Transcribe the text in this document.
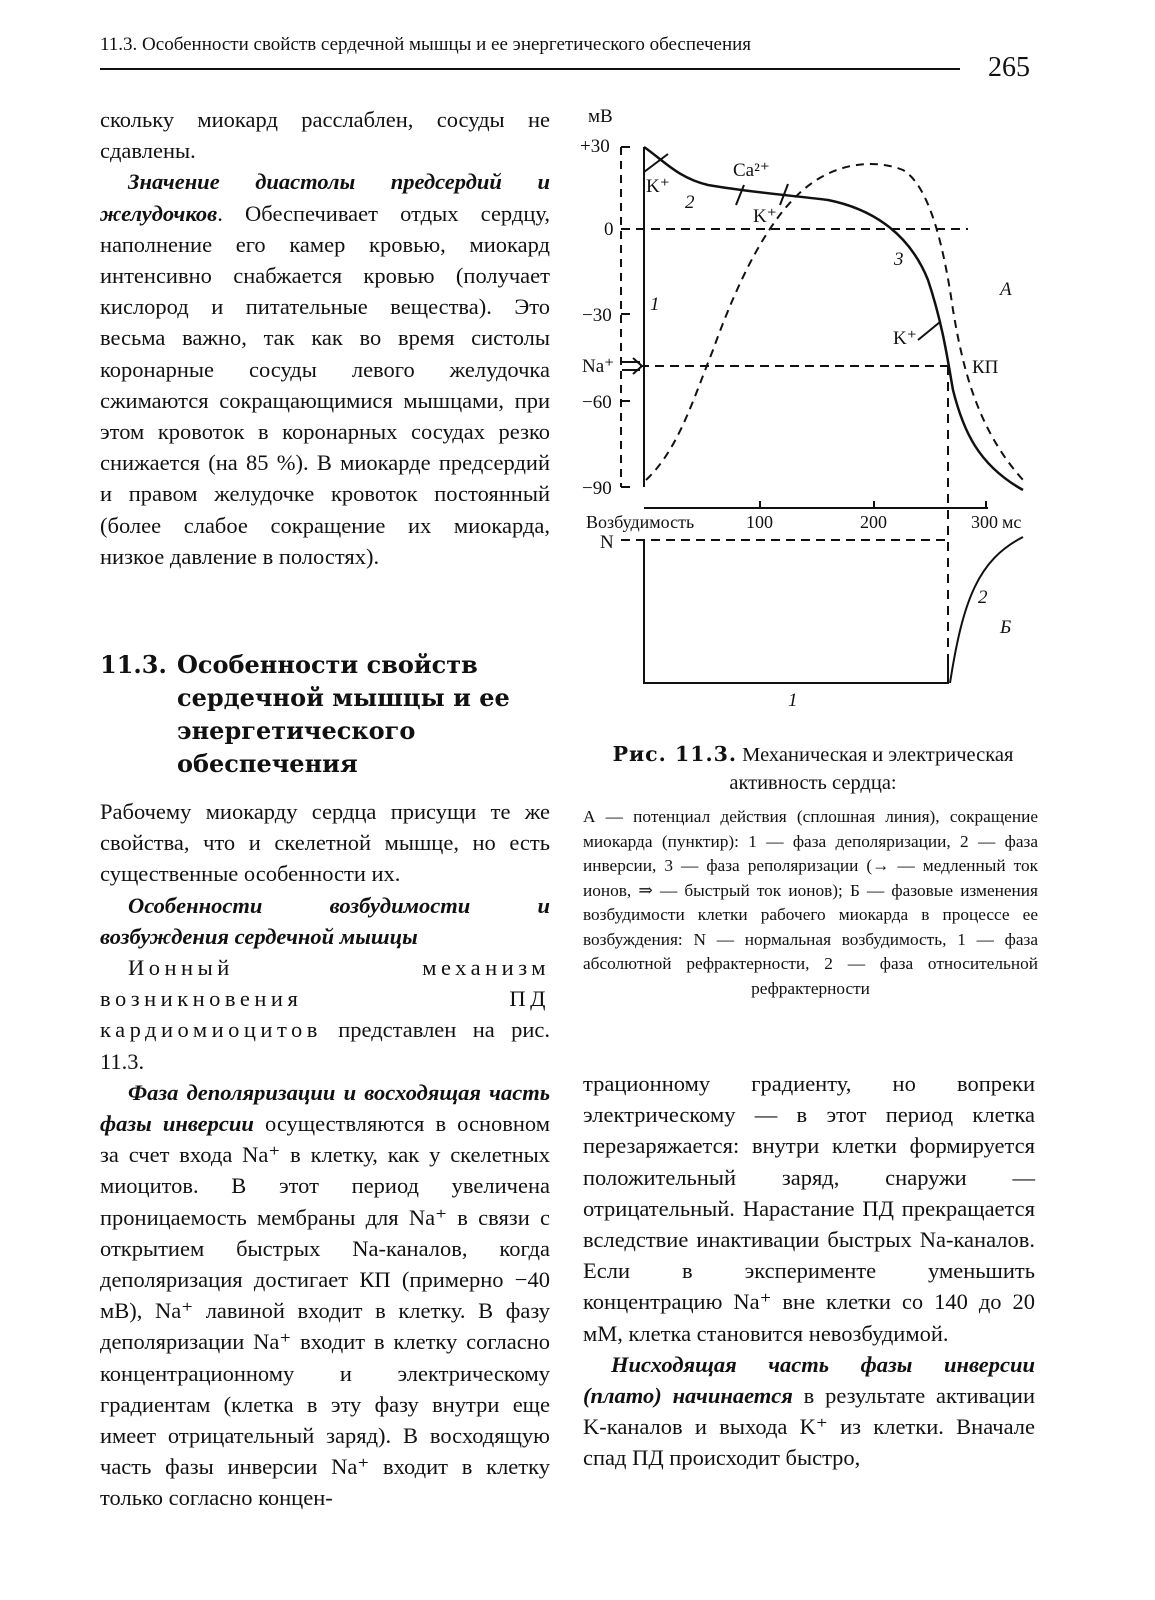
11.3. Особенности свойств сердечной мышцы и ее энергетического обеспечения
265

скольку миокард расслаблен, сосуды не сдавлены.

Значение диастолы предсердий и желудочков. Обеспечивает отдых сердцу, наполнение его камер кровью, миокард интенсивно снабжается кровью (получает кислород и питательные вещества). Это весьма важно, так как во время систолы коронарные сосуды левого желудочка сжимаются сокращающимися мышцами, при этом кровоток в коронарных сосудах резко снижается (на 85 %). В миокарде предсердий и правом желудочке кровоток постоянный (более слабое сокращение их миокарда, низкое давление в полостях).

11.3. Особенности свойств сердечной мышцы и ее энергетического обеспечения

Рабочему миокарду сердца присущи те же свойства, что и скелетной мышце, но есть существенные особенности их.

Особенности возбудимости и возбуждения сердечной мышцы

Ионный механизм возникновения ПД кардиомиоцитов представлен на рис. 11.3.

Фаза деполяризации и восходящая часть фазы инверсии осуществляются в основном за счет входа Na⁺ в клетку, как у скелетных миоцитов. В этот период увеличена проницаемость мембраны для Na⁺ в связи с открытием быстрых Na-каналов, когда деполяризация достигает КП (примерно −40 мВ), Na⁺ лавиной входит в клетку. В фазу деполяризации Na⁺ входит в клетку согласно концентрационному и электрическому градиентам (клетка в эту фазу внутри еще имеет отрицательный заряд). В восходящую часть фазы инверсии Na⁺ входит в клетку только согласно концен-

трационному градиенту, но вопреки электрическому — в этот период клетка перезаряжается: внутри клетки формируется положительный заряд, снаружи — отрицательный. Нарастание ПД прекращается вследствие инактивации быстрых Na-каналов. Если в эксперименте уменьшить концентрацию Na⁺ вне клетки со 140 до 20 мМ, клетка становится невозбудимой.

Нисходящая часть фазы инверсии (плато) начинается в результате активации K-каналов и выхода K⁺ из клетки. Вначале спад ПД происходит быстро,

мВ
+30
0
−30
−60
−90
Na⁺
K⁺
Ca²⁺
K⁺
K⁺
КП
А
Б
1
2
3
Возбудимость	100	200	300 мс
N
2
1
Рис. 11.3. Механическая и электрическая активность сердца:

А — потенциал действия (сплошная линия), сокращение миокарда (пунктир): 1 — фаза деполяризации, 2 — фаза инверсии, 3 — фаза реполяризации (→ — медленный ток ионов, ⇒ — быстрый ток ионов); Б — фазовые изменения возбудимости клетки рабочего миокарда в процессе ее возбуждения: N — нормальная возбудимость, 1 — фаза абсолютной рефрактерности, 2 — фаза относительной рефрактерности
